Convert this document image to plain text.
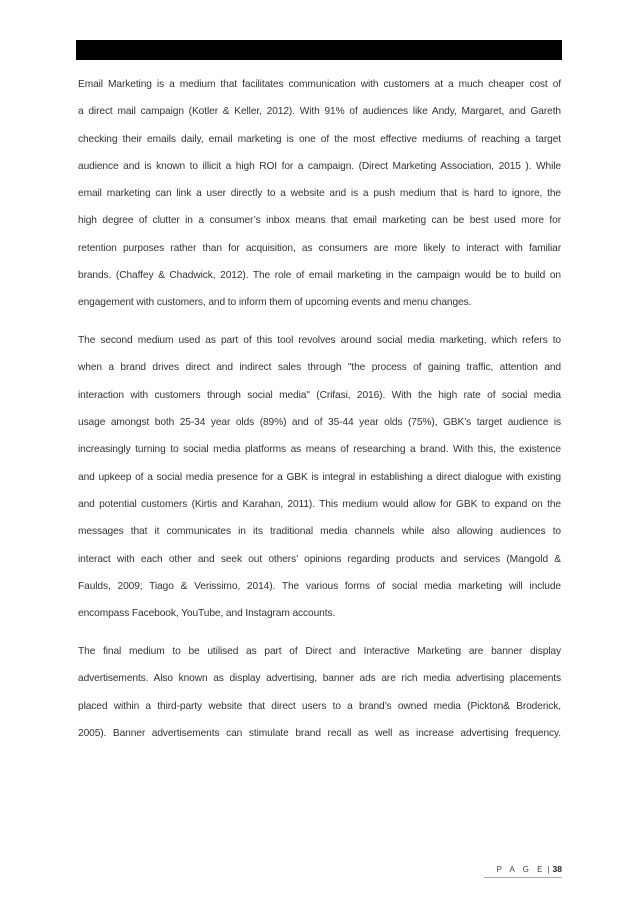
Email Marketing is a medium that facilitates communication with customers at a much cheaper cost of
a direct mail campaign (Kotler & Keller, 2012). With 91% of audiences like Andy, Margaret, and Gareth
checking their emails daily, email marketing is one of the most effective mediums of reaching a target
audience and is known to illicit a high ROI for a campaign. (Direct Marketing Association, 2015 ). While
email marketing can link a user directly to a website and is a push medium that is hard to ignore, the
high degree of clutter in a consumer’s inbox means that email marketing can be best used more for
retention purposes rather than for acquisition, as consumers are more likely to interact with familiar
brands. (Chaffey & Chadwick, 2012). The role of email marketing in the campaign would be to build on
engagement with customers, and to inform them of upcoming events and menu changes.
The second medium used as part of this tool revolves around social media marketing, which refers to
when a brand drives direct and indirect sales through "the process of gaining traffic, attention and
interaction with customers through social media" (Crifasi, 2016). With the high rate of social media
usage amongst both 25-34 year olds (89%) and of 35-44 year olds (75%), GBK’s target audience is
increasingly turning to social media platforms as means of researching a brand. With this, the existence
and upkeep of a social media presence for a GBK is integral in establishing a direct dialogue with existing
and potential customers (Kirtis and Karahan, 2011). This medium would allow for GBK to expand on the
messages that it communicates in its traditional media channels while also allowing audiences to
interact with each other and seek out others’ opinions regarding products and services (Mangold &
Faulds, 2009; Tiago & Verissimo, 2014). The various forms of social media marketing will include
encompass Facebook, YouTube, and Instagram accounts.
The final medium to be utilised as part of Direct and Interactive Marketing are banner display
advertisements. Also known as display advertising, banner ads are rich media advertising placements
placed within a third-party website that direct users to a brand’s owned media (Pickton& Broderick,
2005). Banner advertisements can stimulate brand recall as well as increase advertising frequency.
P A G E | 38
